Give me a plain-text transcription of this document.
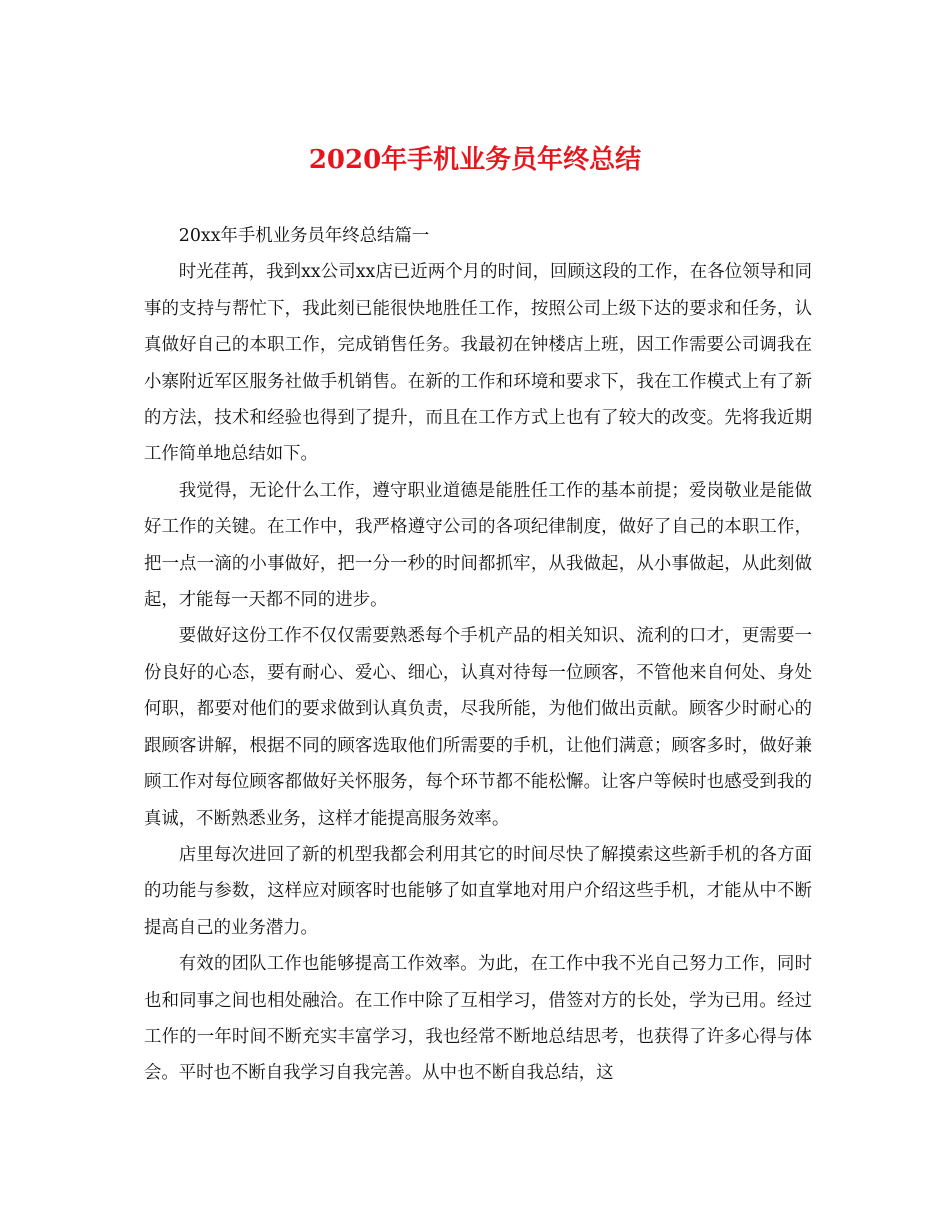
2020年手机业务员年终总结

20xx年手机业务员年终总结篇一

时光荏苒，我到xx公司xx店已近两个月的时间，回顾这段的工作，在各位领导和同事的支持与帮忙下，我此刻已能很快地胜任工作，按照公司上级下达的要求和任务，认真做好自己的本职工作，完成销售任务。我最初在钟楼店上班，因工作需要公司调我在小寨附近军区服务社做手机销售。在新的工作和环境和要求下，我在工作模式上有了新的方法，技术和经验也得到了提升，而且在工作方式上也有了较大的改变。先将我近期工作简单地总结如下。

我觉得，无论什么工作，遵守职业道德是能胜任工作的基本前提；爱岗敬业是能做好工作的关键。在工作中，我严格遵守公司的各项纪律制度，做好了自己的本职工作，把一点一滴的小事做好，把一分一秒的时间都抓牢，从我做起，从小事做起，从此刻做起，才能每一天都不同的进步。

要做好这份工作不仅仅需要熟悉每个手机产品的相关知识、流利的口才，更需要一份良好的心态，要有耐心、爱心、细心，认真对待每一位顾客，不管他来自何处、身处何职，都要对他们的要求做到认真负责，尽我所能，为他们做出贡献。顾客少时耐心的跟顾客讲解，根据不同的顾客选取他们所需要的手机，让他们满意；顾客多时，做好兼顾工作对每位顾客都做好关怀服务，每个环节都不能松懈。让客户等候时也感受到我的真诚，不断熟悉业务，这样才能提高服务效率。

店里每次进回了新的机型我都会利用其它的时间尽快了解摸索这些新手机的各方面的功能与参数，这样应对顾客时也能够了如直掌地对用户介绍这些手机，才能从中不断提高自己的业务潜力。

有效的团队工作也能够提高工作效率。为此，在工作中我不光自己努力工作，同时也和同事之间也相处融洽。在工作中除了互相学习，借签对方的长处，学为已用。经过工作的一年时间不断充实丰富学习，我也经常不断地总结思考，也获得了许多心得与体会。平时也不断自我学习自我完善。从中也不断自我总结，这
